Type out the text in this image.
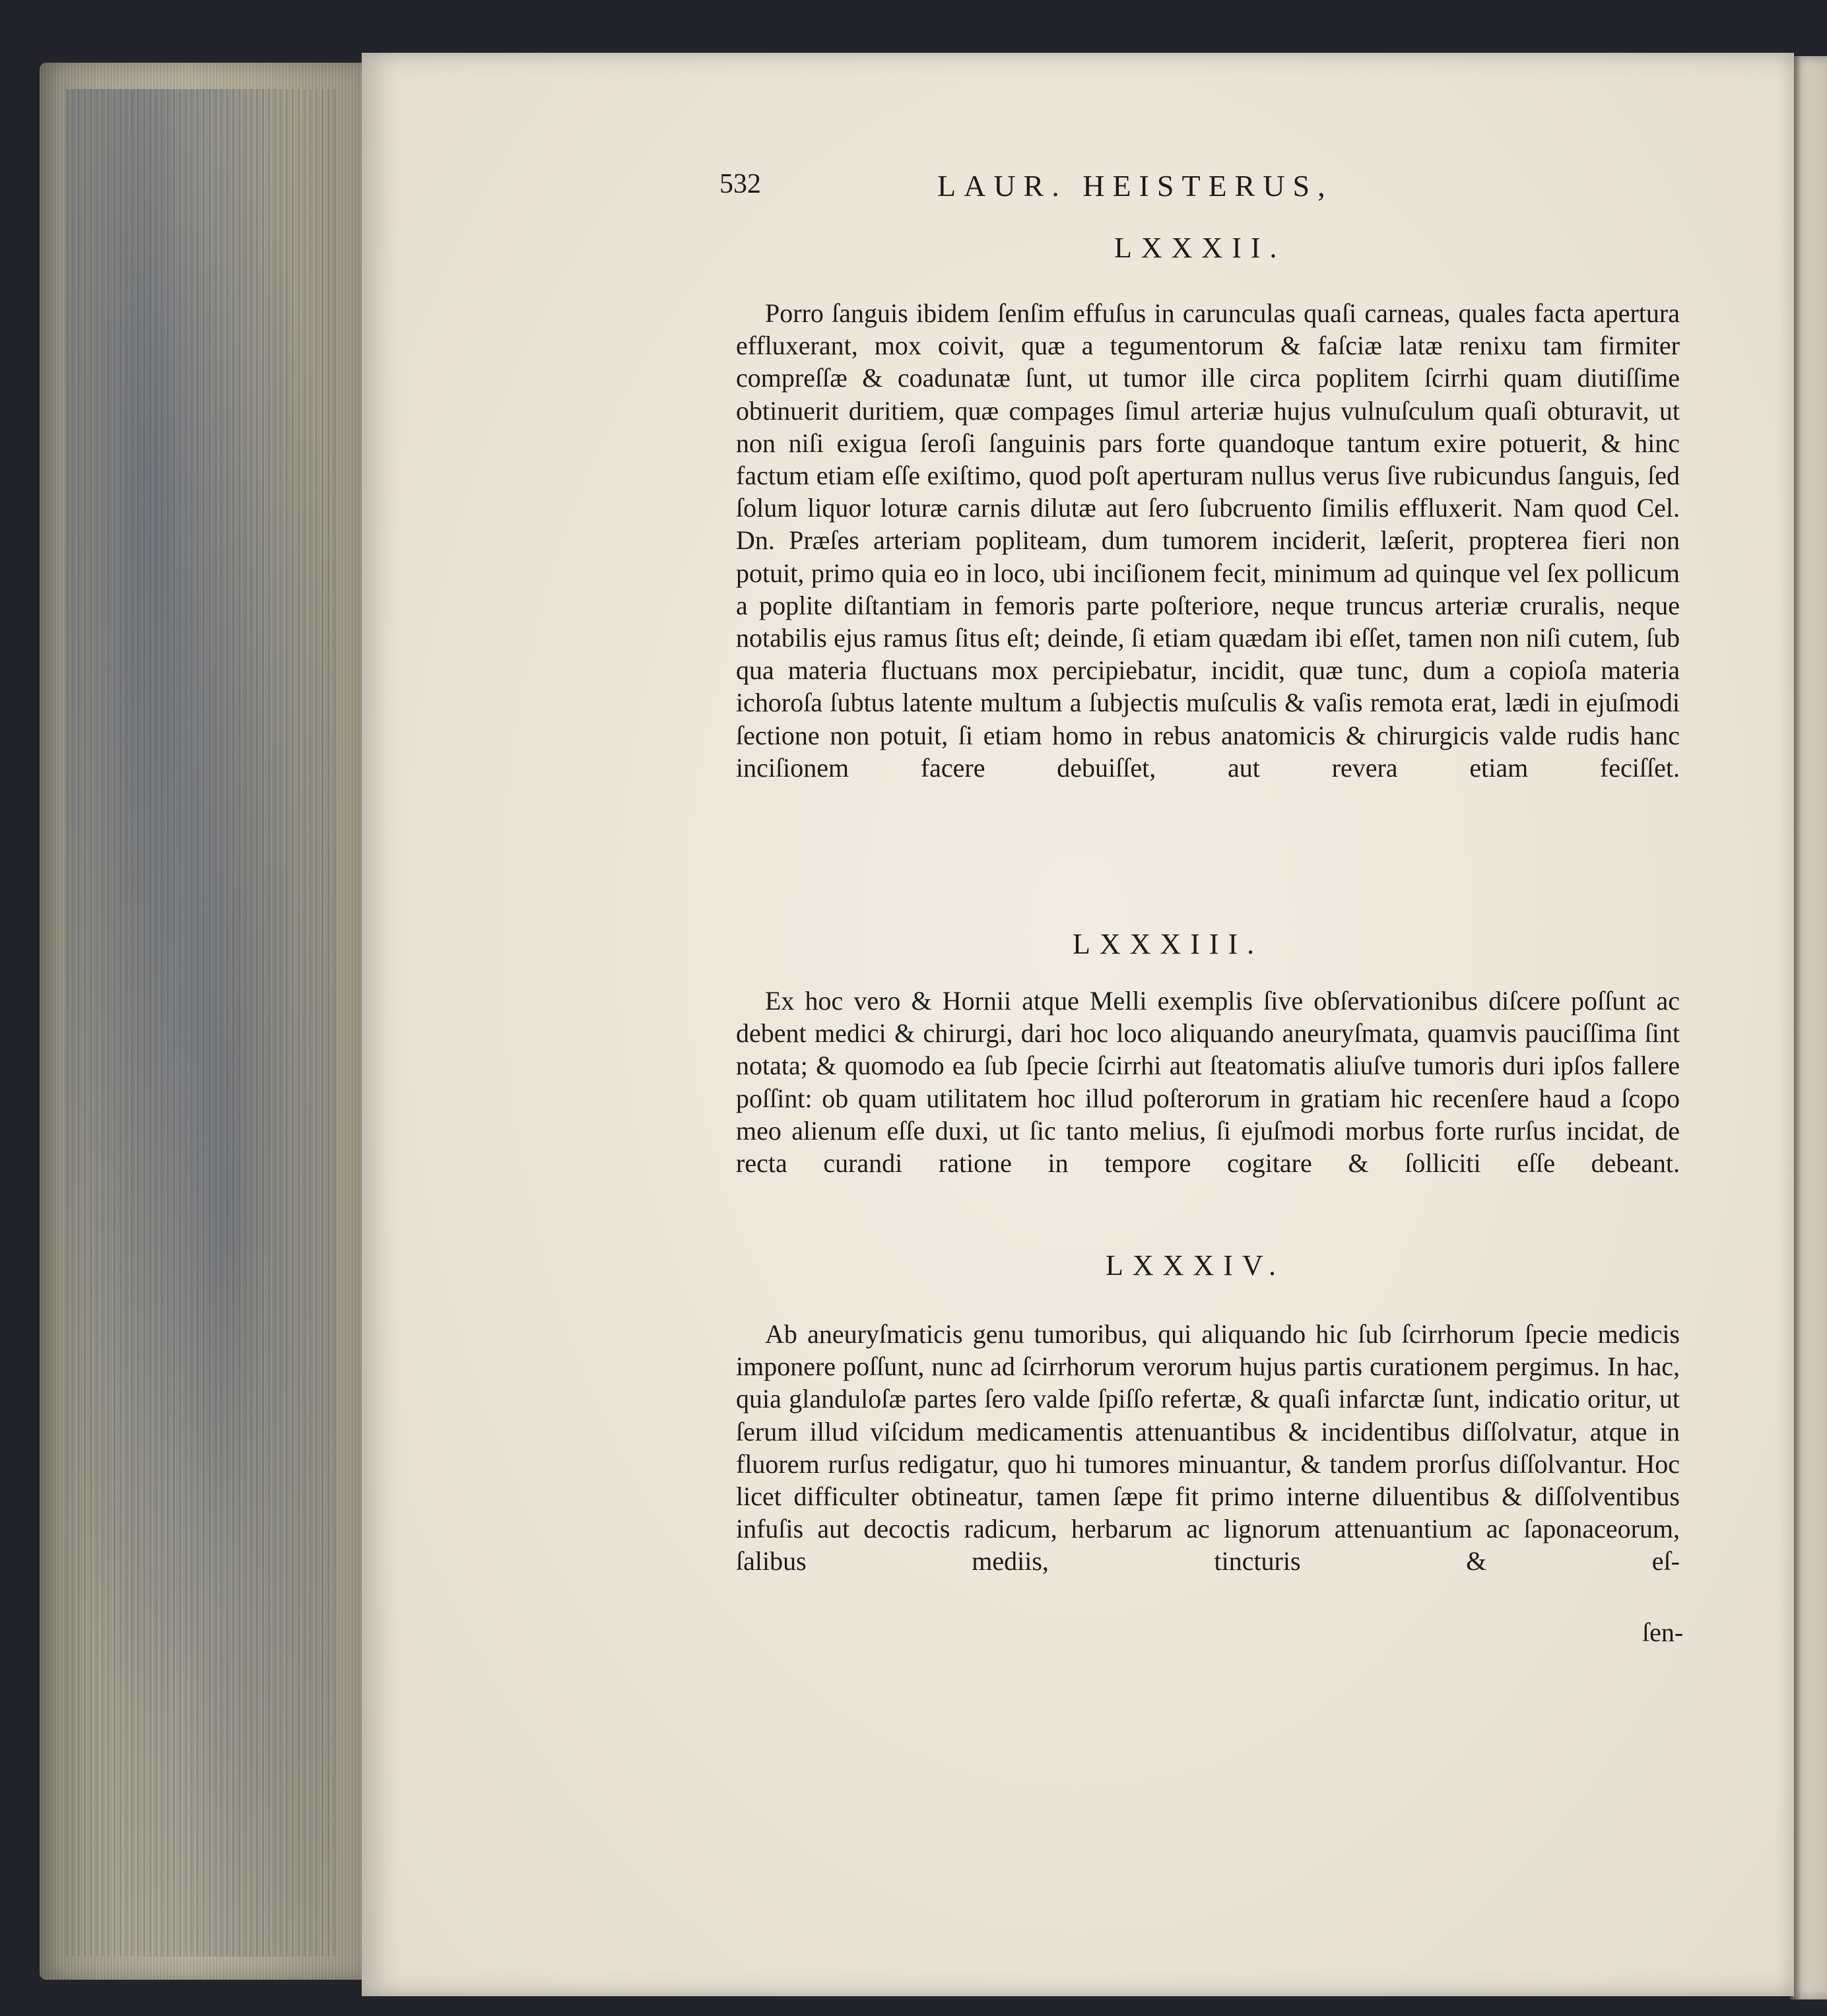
532	LAUR. HEISTERUS,
LXXXII.

Porro ſanguis ibidem ſenſim effuſus in carunculas quaſi carneas, quales facta apertura effluxerant, mox coivit, quæ a tegumentorum & faſciæ latæ renixu tam firmiter compreſſæ & coadunatæ ſunt, ut tumor ille circa poplitem ſcirrhi quam diutiſſime obtinuerit duritiem, quæ compages ſimul arteriæ hujus vulnuſculum quaſi obturavit, ut non niſi exigua ſeroſi ſanguinis pars forte quandoque tantum exire potuerit, & hinc factum etiam eſſe exiſtimo, quod poſt aperturam nullus verus ſive rubicundus ſanguis, ſed ſolum liquor loturæ carnis dilutæ aut ſero ſubcruento ſimilis effluxerit. Nam quod Cel. Dn. Præſes arteriam popliteam, dum tumorem inciderit, læſerit, propterea fieri non potuit, primo quia eo in loco, ubi inciſionem fecit, minimum ad quinque vel ſex pollicum a poplite diſtantiam in femoris parte poſteriore, neque truncus arteriæ cruralis, neque notabilis ejus ramus ſitus eſt; deinde, ſi etiam quædam ibi eſſet, tamen non niſi cutem, ſub qua materia fluctuans mox percipiebatur, incidit, quæ tunc, dum a copioſa materia ichoroſa ſubtus latente multum a ſubjectis muſculis & vaſis remota erat, lædi in ejuſmodi ſectione non potuit, ſi etiam homo in rebus anatomicis & chirurgicis valde rudis hanc inciſionem facere debuiſſet, aut revera etiam feciſſet.

LXXXIII.

Ex hoc vero & Hornii atque Melli exemplis ſive obſervationibus diſcere poſſunt ac debent medici & chirurgi, dari hoc loco aliquando aneuryſmata, quamvis pauciſſima ſint notata; & quomodo ea ſub ſpecie ſcirrhi aut ſteatomatis aliuſve tumoris duri ipſos fallere poſſint: ob quam utilitatem hoc illud poſterorum in gratiam hic recenſere haud a ſcopo meo alienum eſſe duxi, ut ſic tanto melius, ſi ejuſmodi morbus forte rurſus incidat, de recta curandi ratione in tempore cogitare & ſolliciti eſſe debeant.

LXXXIV.

Ab aneuryſmaticis genu tumoribus, qui aliquando hic ſub ſcirrhorum ſpecie medicis imponere poſſunt, nunc ad ſcirrhorum verorum hujus partis curationem pergimus. In hac, quia glanduloſæ partes ſero valde ſpiſſo refertæ, & quaſi infarctæ ſunt, indicatio oritur, ut ſerum illud viſcidum medicamentis attenuantibus & incidentibus diſſolvatur, atque in fluorem rurſus redigatur, quo hi tumores minuantur, & tandem prorſus diſſolvantur. Hoc licet difficulter obtineatur, tamen ſæpe fit primo interne diluentibus & diſſolventibus infuſis aut decoctis radicum, herbarum ac lignorum attenuantium ac ſaponaceorum, ſalibus mediis, tincturis & eſ-

ſen-
